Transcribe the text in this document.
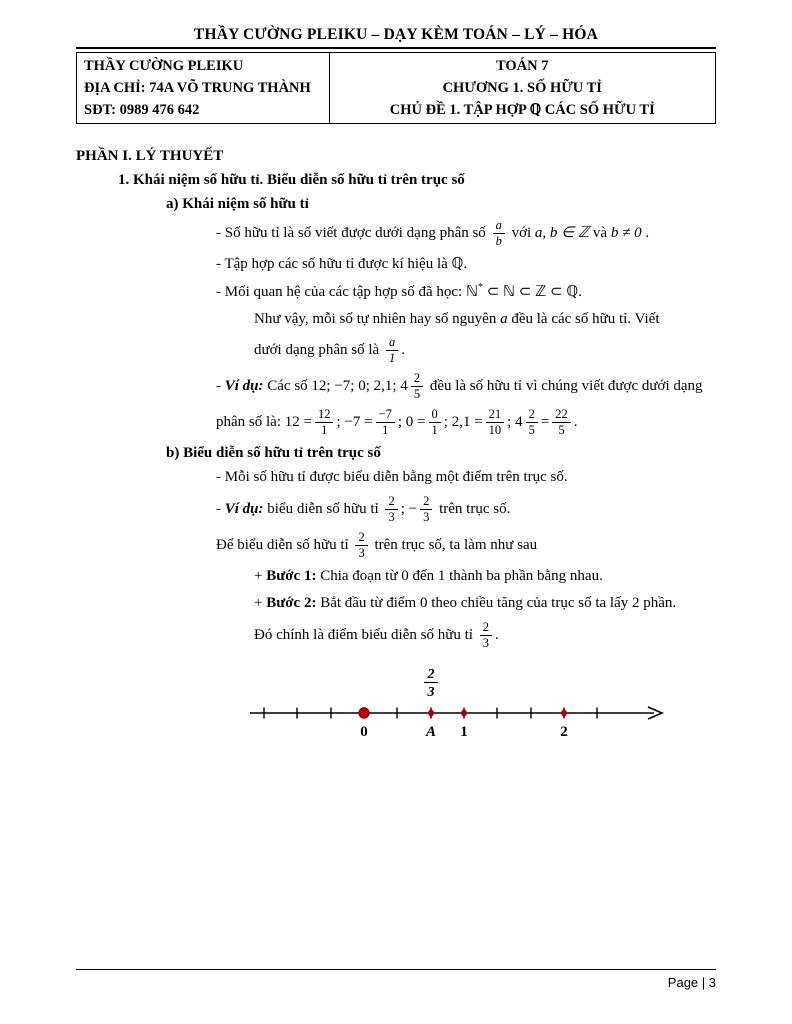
THẦY CƯỜNG PLEIKU – DẠY KÈM TOÁN – LÝ – HÓA
THẦY CƯỜNG PLEIKU
ĐỊA CHỈ: 74A VÕ TRUNG THÀNH
SĐT: 0989 476 642
TOÁN 7
CHƯƠNG 1. SỐ HỮU TỈ
CHỦ ĐỀ 1. TẬP HỢP ℚ CÁC SỐ HỮU TỈ
PHẦN I. LÝ THUYẾT
1. Khái niệm số hữu tỉ. Biểu diễn số hữu tỉ trên trục số
a) Khái niệm số hữu tỉ
- Số hữu tỉ là số viết được dưới dạng phân số $\frac{a}{b}$ với a, b ∈ ℤ và b ≠ 0 .
- Tập hợp các số hữu tỉ được kí hiệu là ℚ.
- Mối quan hệ của các tập hợp số đã học: ℕ* ⊂ ℕ ⊂ ℤ ⊂ ℚ.
Như vậy, mỗi số tự nhiên hay số nguyên a đều là các số hữu tỉ. Viết
dưới dạng phân số là $\frac{a}{1}$ .
- Ví dụ: Các số 12; −7; 0; 2,1; $4 \frac{2}{5}$ đều là số hữu tỉ vì chúng viết được dưới dạng
phân số là: $12 = \frac{12}{1}$ ; $-7 = \frac{-7}{1}$ ; $0 = \frac{0}{1}$ ; $2,1 = \frac{21}{10}$ ; $4 \frac{2}{5} = \frac{22}{5}$ .
b) Biểu diễn số hữu tỉ trên trục số
- Mỗi số hữu tỉ được biểu diễn bằng một điểm trên trục số.
- Ví dụ: biểu diễn số hữu tỉ $\frac{2}{3}$ ; − $\frac{2}{3}$ trên trục số.
Để biểu diễn số hữu tỉ $\frac{2}{3}$ trên trục số, ta làm như sau
+ Bước 1: Chia đoạn từ 0 đến 1 thành ba phần bằng nhau.
+ Bước 2: Bắt đầu từ điểm 0 theo chiều tăng của trục số ta lấy 2 phần.
Đó chính là điểm biểu diễn số hữu tỉ $\frac{2}{3}$ .
2
3
0	A 1	2
Page | 3
